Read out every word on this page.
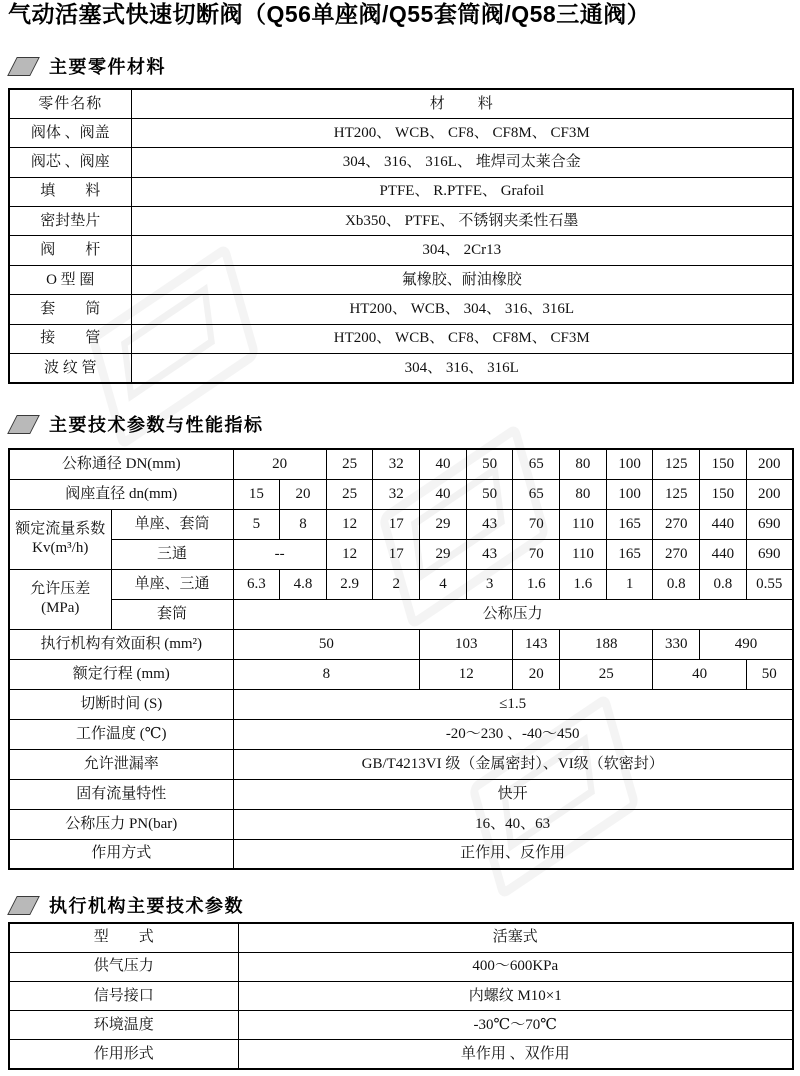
气动活塞式快速切断阀（Q56单座阀/Q55套筒阀/Q58三通阀）
主要零件材料
零件名称	材　　料
阀体 、阀盖	HT200、 WCB、 CF8、 CF8M、 CF3M
阀芯 、阀座	304、 316、 316L、 堆焊司太莱合金
填　　料	PTFE、 R.PTFE、 Grafoil
密封垫片	Xb350、 PTFE、 不锈钢夹柔性石墨
阀　　杆	304、 2Cr13
O 型 圈	氟橡胶、耐油橡胶
套　　筒	HT200、 WCB、 304、 316、316L
接　　管	HT200、 WCB、 CF8、 CF8M、 CF3M
波 纹 管	304、 316、 316L
主要技术参数与性能指标
公称通径 DN(mm)		20		25	32	40	50	65	80	100	125	150	200
阀座直径 dn(mm)		15	20	25	32	40	50	65	80	100	125	150	200
额定流量系数Kv(m³/h)	单座、套筒	5	8	12	17	29	43	70	110	165	270	440	690
	三通	--		12	17	29	43	70	110	165	270	440	690
允许压差 (MPa)	单座、三通	6.3	4.8	2.9	2	4	3	1.6	1.6	1	0.8	0.8	0.55
	套筒	公称压力											
执行机构有效面积 (mm²)		50				103		143	188		330	490	
额定行程 (mm)		8				12		20	25		40		50
切断时间 (S)		≤1.5											
工作温度 (℃)		-20～230 、-40～450											
允许泄漏率		GB/T4213VI 级（金属密封）、VI级（软密封）											
固有流量特性		快开											
公称压力 PN(bar)		16、40、63											
作用方式		正作用、反作用											
执行机构主要技术参数
型　　式	活塞式
供气压力	400～600KPa
信号接口	内螺纹 M10×1
环境温度	-30℃～70℃
作用形式	单作用 、双作用
